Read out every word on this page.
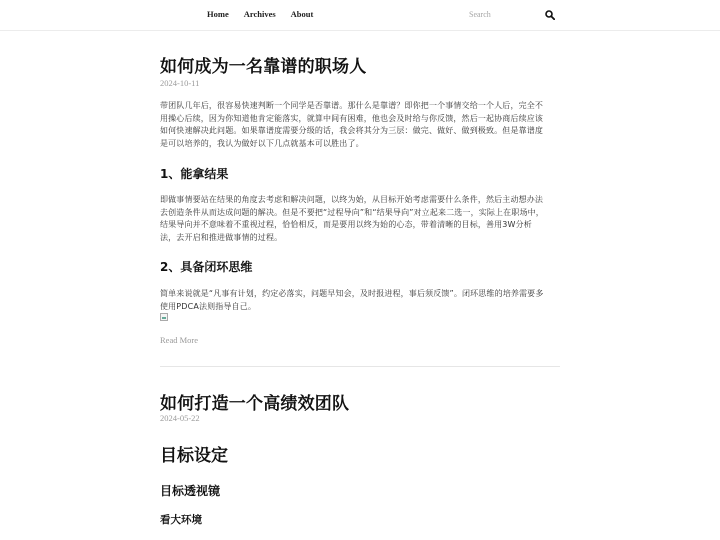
Home Archives About
Search
如何成为一名靠谱的职场人
2024-10-11
带团队几年后，很容易快速判断一个同学是否靠谱。那什么是靠谱？即你把一个事情交给一个人后，完全不
用操心后续，因为你知道他肯定能落实，就算中间有困难，他也会及时给与你反馈，然后一起协商后续应该
如何快速解决此问题。如果靠谱度需要分级的话，我会将其分为三层：做完、做好、做到极致。但是靠谱度
是可以培养的，我认为做好以下几点就基本可以胜出了。
1、能拿结果
即做事情要站在结果的角度去考虑和解决问题，以终为始，从目标开始考虑需要什么条件，然后主动想办法
去创造条件从而达成问题的解决。但是不要把“过程导向”和“结果导向”对立起来二选一，实际上在职场中，
结果导向并不意味着不重视过程，恰恰相反，而是要用以终为始的心态，带着清晰的目标，善用3W分析
法，去开启和推进做事情的过程。
2、具备闭环思维
简单来说就是“凡事有计划，约定必落实，问题早知会，及时报进程，事后须反馈”。闭环思维的培养需要多
使用PDCA法则指导自己。
Read More
如何打造一个高绩效团队
2024-05-22
目标设定
目标透视镜
看大环境
